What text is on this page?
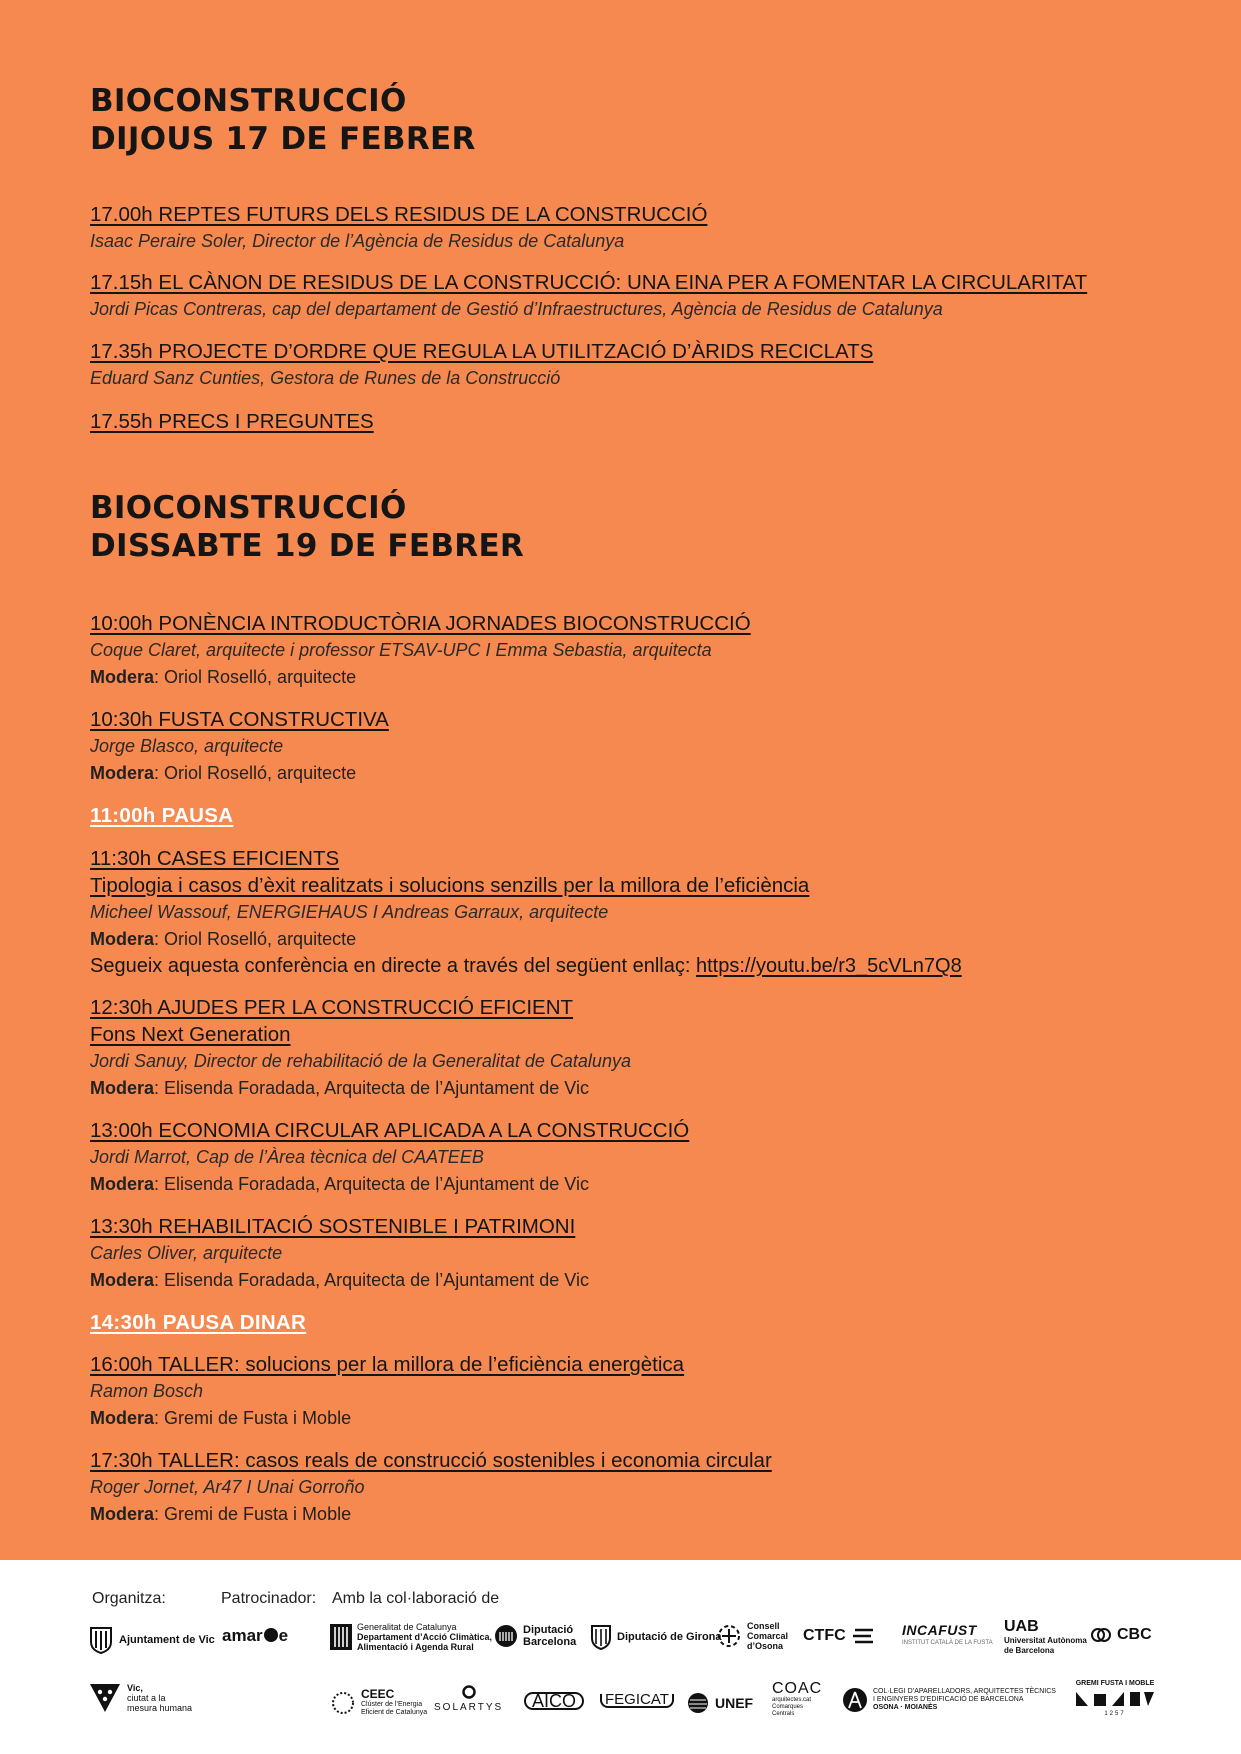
BIOCONSTRUCCIÓ
DIJOUS 17 DE FEBRER
17.00h REPTES FUTURS DELS RESIDUS DE LA CONSTRUCCIÓ
Isaac Peraire Soler, Director de l’Agència de Residus de Catalunya
17.15h EL CÀNON DE RESIDUS DE LA CONSTRUCCIÓ: UNA EINA PER A FOMENTAR LA CIRCULARITAT
Jordi Picas Contreras, cap del departament de Gestió d’Infraestructures, Agència de Residus de Catalunya
17.35h PROJECTE D’ORDRE QUE REGULA LA UTILITZACIÓ D’ÀRIDS RECICLATS
Eduard Sanz Cunties, Gestora de Runes de la Construcció
17.55h PRECS I PREGUNTES
BIOCONSTRUCCIÓ
DISSABTE 19 DE FEBRER
10:00h PONÈNCIA INTRODUCTÒRIA JORNADES BIOCONSTRUCCIÓ
Coque Claret, arquitecte i professor ETSAV-UPC I Emma Sebastia, arquitecta
Modera: Oriol Roselló, arquitecte
10:30h FUSTA CONSTRUCTIVA
Jorge Blasco, arquitecte
Modera: Oriol Roselló, arquitecte
11:00h PAUSA
11:30h CASES EFICIENTS
Tipologia i casos d’èxit realitzats i solucions senzills per la millora de l’eficiència
Micheel Wassouf, ENERGIEHAUS I Andreas Garraux, arquitecte
Modera: Oriol Roselló, arquitecte
Segueix aquesta conferència en directe a través del següent enllaç: https://youtu.be/r3_5cVLn7Q8
12:30h AJUDES PER LA CONSTRUCCIÓ EFICIENT
Fons Next Generation
Jordi Sanuy, Director de rehabilitació de la Generalitat de Catalunya
Modera: Elisenda Foradada, Arquitecta de l’Ajuntament de Vic
13:00h ECONOMIA CIRCULAR APLICADA A LA CONSTRUCCIÓ
Jordi Marrot, Cap de l’Àrea tècnica del CAATEEB
Modera: Elisenda Foradada, Arquitecta de l’Ajuntament de Vic
13:30h REHABILITACIÓ SOSTENIBLE I PATRIMONI
Carles Oliver, arquitecte
Modera: Elisenda Foradada, Arquitecta de l’Ajuntament de Vic
14:30h PAUSA DINAR
16:00h TALLER: solucions per la millora de l’eficiència energètica
Ramon Bosch
Modera: Gremi de Fusta i Moble
17:30h TALLER: casos reals de construcció sostenibles i economia circular
Roger Jornet, Ar47 I Unai Gorroño
Modera: Gremi de Fusta i Moble
Organitza:	Patrocinador: Amb la col·laboració de
Ajuntament de Vic amar e	Generalitat de Catalunya
Departament d’Acció Climàtica,
Alimentació i Agenda Rural
Diputació
Barcelona	Diputació de Girona
Consell
Comarcal
d’Osona
CTFC	INCAFUST
INSTITUT CATALÀ DE LA FUSTA
UAB
Universitat Autònoma
de Barcelona
CBC
Vic,
ciutat a la
mesura humana
CEEC
Clúster de l’Energia
Eficient de Catalunya SOLARTYS	AICO	FEGICAT	UNEF
COAC
arquitectes.cat
Comarques
Centrals
COL·LEGI D’APARELLADORS, ARQUITECTES TÈCNICS
I ENGINYERS D’EDIFICACIÓ DE BARCELONA
OSONA · MOIANÈS
GREMI FUSTA I MOBLE
1257
